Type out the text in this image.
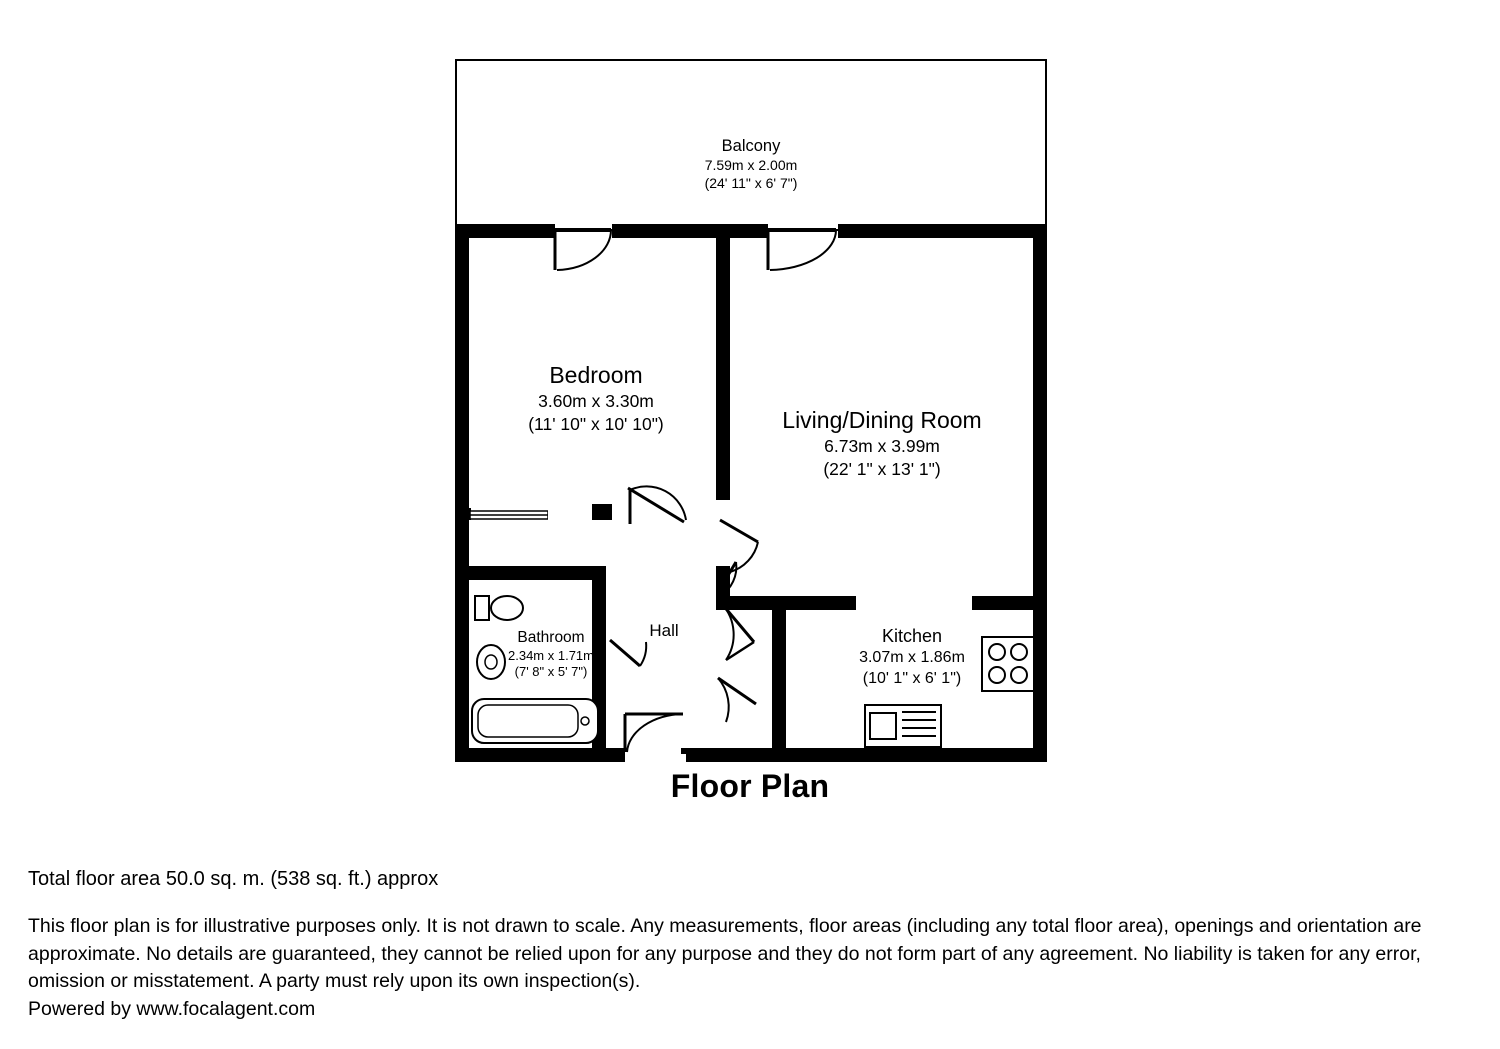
Balcony
7.59m x 2.00m
(24' 11" x 6' 7")
Bedroom
3.60m x 3.30m
(11' 10" x 10' 10")	Living/Dining Room
6.73m x 3.99m
(22' 1" x 13' 1")
Bathroom
2.34m x 1.71m
(7' 8" x 5' 7")
Kitchen
3.07m x 1.86m
(10' 1" x 6' 1")
Hall
Floor Plan

Total floor area 50.0 sq. m. (538 sq. ft.) approx

This floor plan is for illustrative purposes only. It is not drawn to scale. Any measurements, floor areas (including any total floor area), openings and orientation are approximate. No details are guaranteed, they cannot be relied upon for any purpose and they do not form part of any agreement. No liability is taken for any error, omission or misstatement. A party must rely upon its own inspection(s).

Powered by www.focalagent.com
